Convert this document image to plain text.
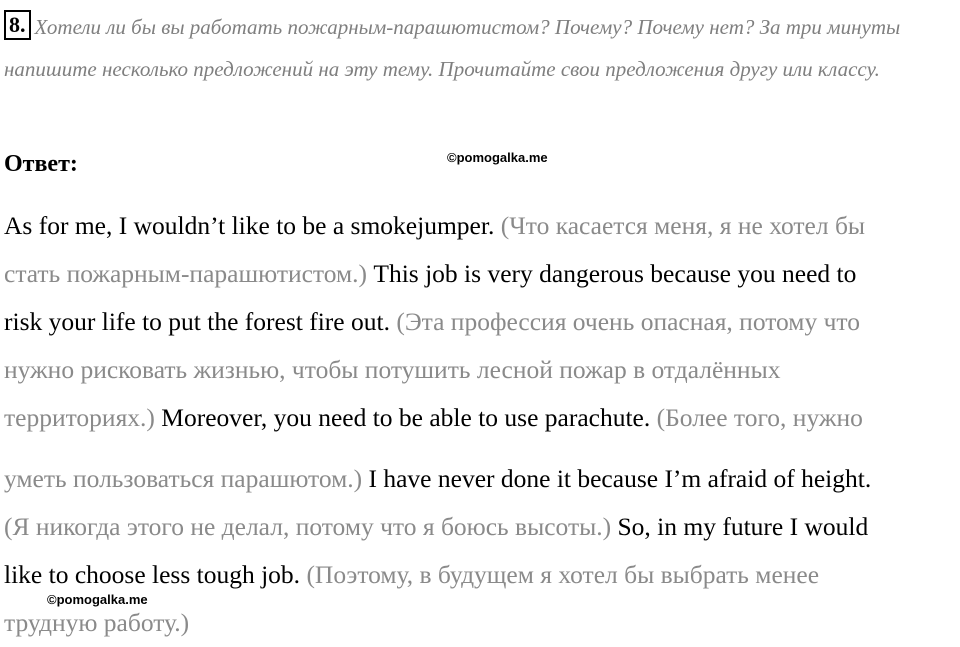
8. Хотели ли бы вы работать пожарным-парашютистом? Почему? Почему нет? За три минуты напишите несколько предложений на эту тему. Прочитайте свои предложения другу или классу.
Ответ:	©pomogalka.me
As for me, I wouldn’t like to be a smokejumper. (Что касается меня, я не хотел бы
стать пожарным-парашютистом.) This job is very dangerous because you need to
risk your life to put the forest fire out. (Эта профессия очень опасная, потому что
нужно рисковать жизнью, чтобы потушить лесной пожар в отдалённых
территориях.) Moreover, you need to be able to use parachute. (Более того, нужно
уметь пользоваться парашютом.) I have never done it because I’m afraid of height.
(Я никогда этого не делал, потому что я боюсь высоты.) So, in my future I would
like to choose less tough job. (Поэтому, в будущем я хотел бы выбрать менее
трудную работу.)
©pomogalka.me
